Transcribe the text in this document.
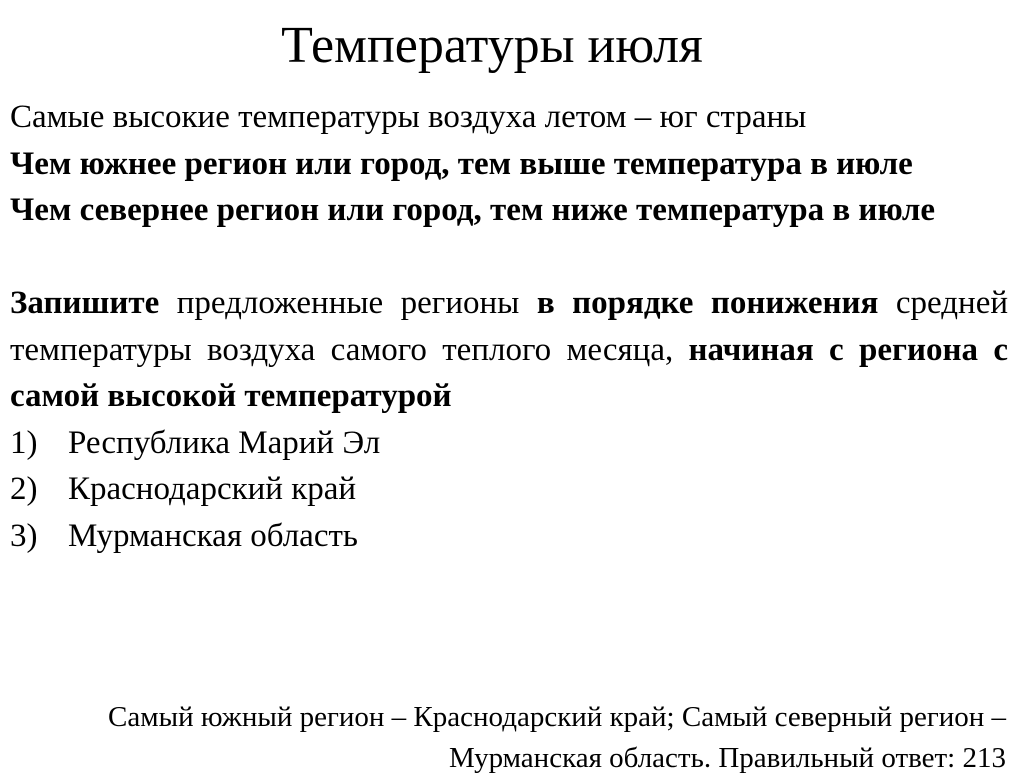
Температуры июля

Самые высокие температуры воздуха летом – юг страны

Чем южнее регион или город, тем выше температура в июле

Чем севернее регион или город, тем ниже температура в июле

Запишите предложенные регионы в порядке понижения средней температуры воздуха самого теплого месяца, начиная с региона с самой высокой температурой

1) Республика Марий Эл
2) Краснодарский край
3) Мурманская область

Самый южный регион – Краснодарский край; Самый северный регион – Мурманская область. Правильный ответ: 213
